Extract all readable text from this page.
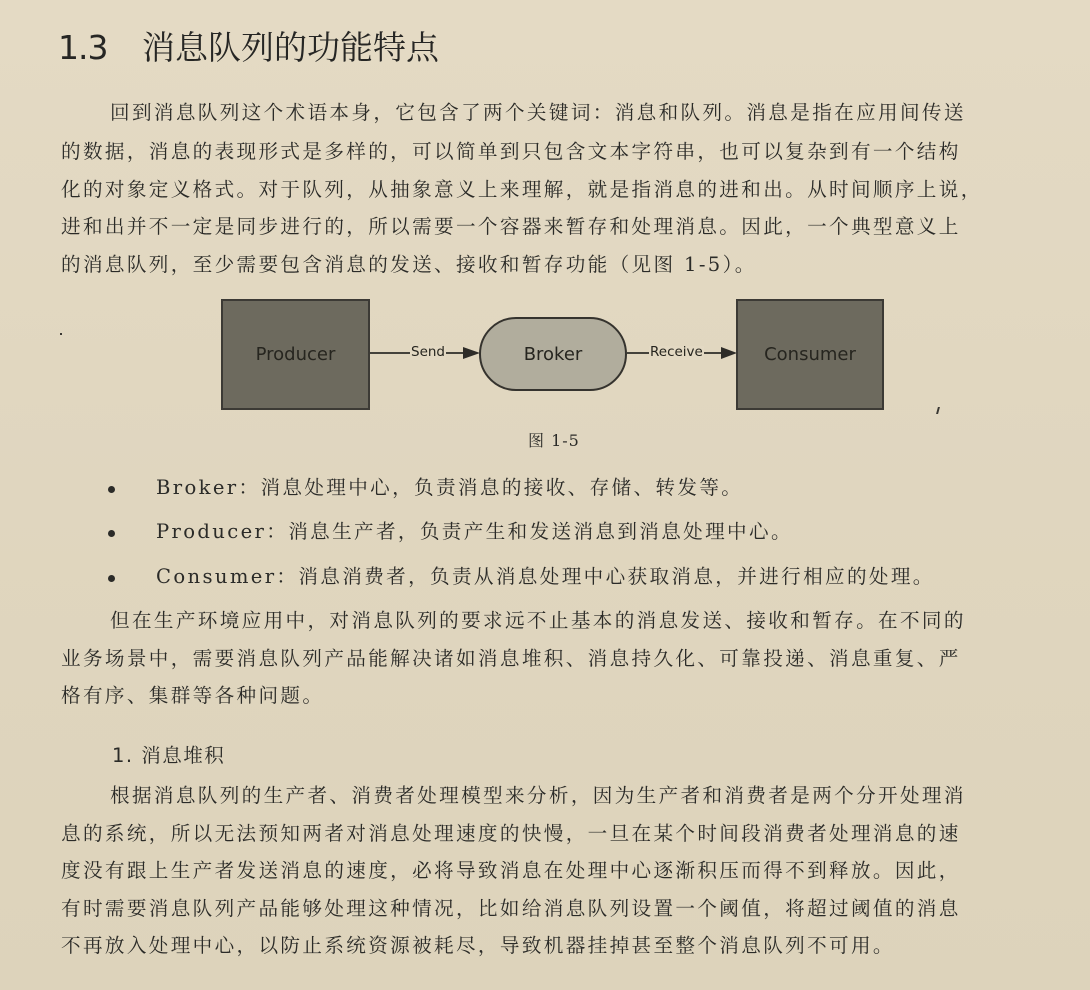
1.3 消息队列的功能特点
回到消息队列这个术语本身，它包含了两个关键词：消息和队列。消息是指在应用间传送
的数据，消息的表现形式是多样的，可以简单到只包含文本字符串，也可以复杂到有一个结构
化的对象定义格式。对于队列，从抽象意义上来理解，就是指消息的进和出。从时间顺序上说，
进和出并不一定是同步进行的，所以需要一个容器来暂存和处理消息。因此，一个典型意义上
的消息队列，至少需要包含消息的发送、接收和暂存功能（见图 1-5）。
Producer	Send	Broker	Receive	Consumer
图 1-5
Broker：消息处理中心，负责消息的接收、存储、转发等。
Producer：消息生产者，负责产生和发送消息到消息处理中心。
Consumer：消息消费者，负责从消息处理中心获取消息，并进行相应的处理。
但在生产环境应用中，对消息队列的要求远不止基本的消息发送、接收和暂存。在不同的
业务场景中，需要消息队列产品能解决诸如消息堆积、消息持久化、可靠投递、消息重复、严
格有序、集群等各种问题。
1. 消息堆积
根据消息队列的生产者、消费者处理模型来分析，因为生产者和消费者是两个分开处理消
息的系统，所以无法预知两者对消息处理速度的快慢，一旦在某个时间段消费者处理消息的速
度没有跟上生产者发送消息的速度，必将导致消息在处理中心逐渐积压而得不到释放。因此，
有时需要消息队列产品能够处理这种情况，比如给消息队列设置一个阈值，将超过阈值的消息
不再放入处理中心，以防止系统资源被耗尽，导致机器挂掉甚至整个消息队列不可用。
